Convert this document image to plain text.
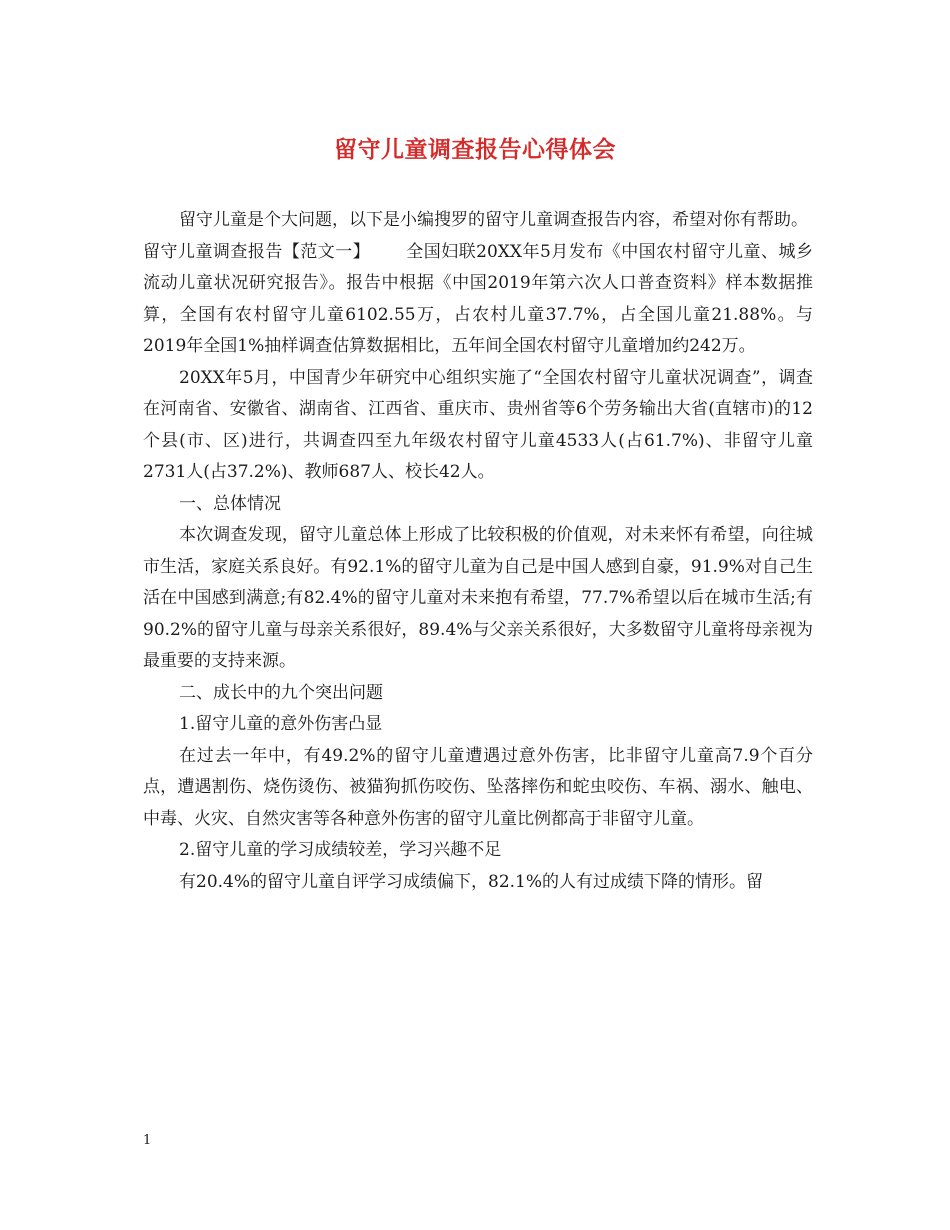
留守儿童调查报告心得体会

留守儿童是个大问题，以下是小编搜罗的留守儿童调查报告内容，希望对你有帮助。

留守儿童调查报告【范文一】 全国妇联20XX年5月发布《中国农村留守儿童、城乡流动儿童状况研究报告》。报告中根据《中国2019年第六次人口普查资料》样本数据推算，全国有农村留守儿童6102.55万，占农村儿童37.7%，占全国儿童21.88%。与2019年全国1%抽样调查估算数据相比，五年间全国农村留守儿童增加约242万。

20XX年5月，中国青少年研究中心组织实施了“全国农村留守儿童状况调查”，调查在河南省、安徽省、湖南省、江西省、重庆市、贵州省等6个劳务输出大省(直辖市)的12个县(市、区)进行，共调查四至九年级农村留守儿童4533人(占61.7%)、非留守儿童2731人(占37.2%)、教师687人、校长42人。

一、总体情况

本次调查发现，留守儿童总体上形成了比较积极的价值观，对未来怀有希望，向往城市生活，家庭关系良好。有92.1%的留守儿童为自己是中国人感到自豪，91.9%对自己生活在中国感到满意;有82.4%的留守儿童对未来抱有希望，77.7%希望以后在城市生活;有90.2%的留守儿童与母亲关系很好，89.4%与父亲关系很好，大多数留守儿童将母亲视为最重要的支持来源。

二、成长中的九个突出问题

1.留守儿童的意外伤害凸显

在过去一年中，有49.2%的留守儿童遭遇过意外伤害，比非留守儿童高7.9个百分点，遭遇割伤、烧伤烫伤、被猫狗抓伤咬伤、坠落摔伤和蛇虫咬伤、车祸、溺水、触电、中毒、火灾、自然灾害等各种意外伤害的留守儿童比例都高于非留守儿童。

2.留守儿童的学习成绩较差，学习兴趣不足

有20.4%的留守儿童自评学习成绩偏下，82.1%的人有过成绩下降的情形。留

1
